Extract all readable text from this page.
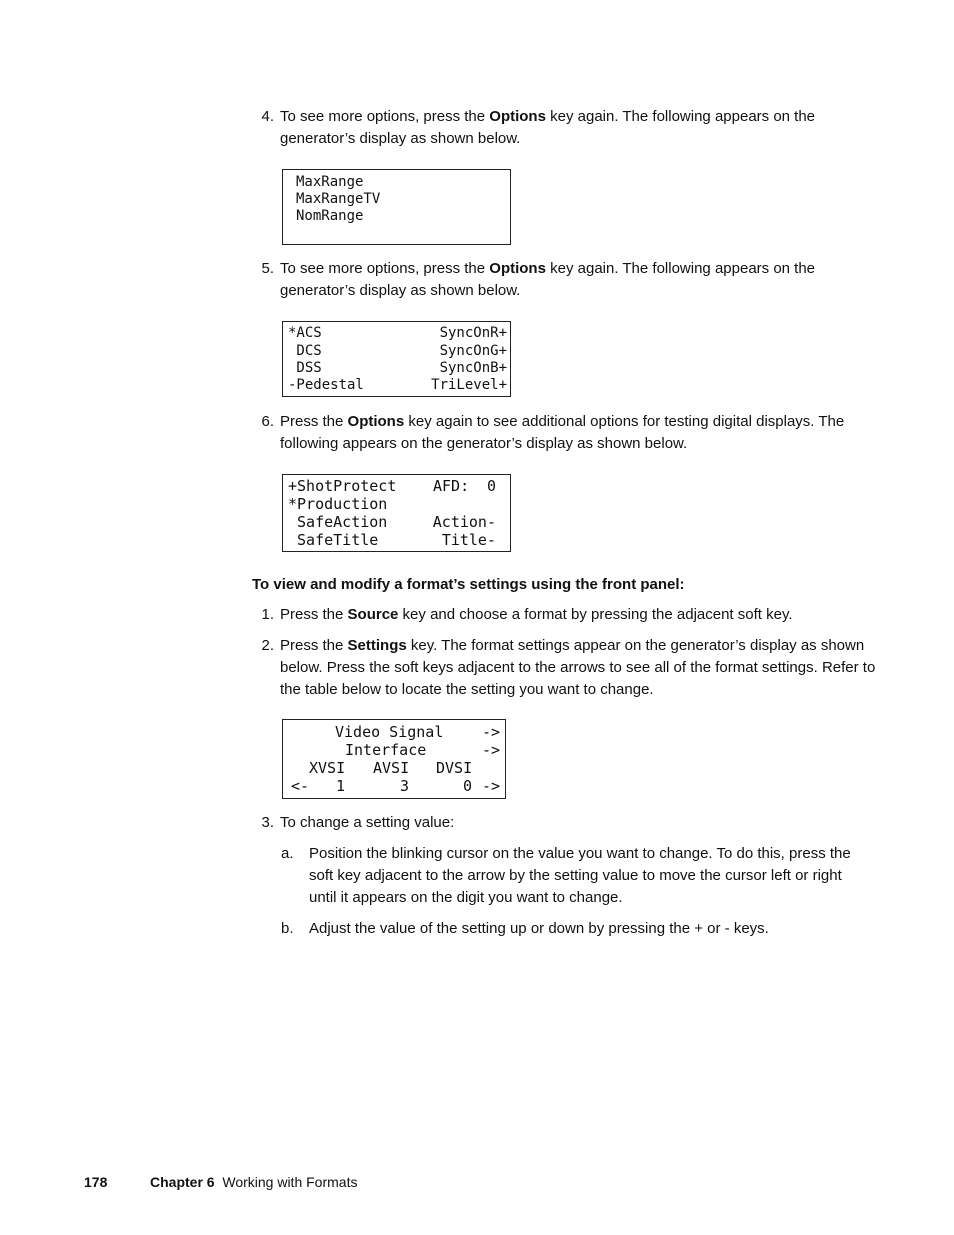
4. To see more options, press the Options key again. The following appears on the generator’s display as shown below.
MaxRange
MaxRangeTV
NomRange
5. To see more options, press the Options key again. The following appears on the generator’s display as shown below.
*ACS	SyncOnR+
DCS	SyncOnG+
DSS	SyncOnB+
-Pedestal	TriLevel+
6. Press the Options key again to see additional options for testing digital displays. The following appears on the generator’s display as shown below.
+ShotProtect AFD: 0
*Production
SafeAction	Action-
SafeTitle	Title-
To view and modify a format’s settings using the front panel:
1. Press the Source key and choose a format by pressing the adjacent soft key.
2. Press the Settings key. The format settings appear on the generator’s display as shown below. Press the soft keys adjacent to the arrows to see all of the format settings. Refer to the table below to locate the setting you want to change.
Video Signal	->
Interface	->
XVSI AVSI DVSI
<- 1	3	0 ->
3. To change a setting value:
a.	Position the blinking cursor on the value you want to change. To do this, press the soft key adjacent to the arrow by the setting value to move the cursor left or right until it appears on the digit you want to change.
b.	Adjust the value of the setting up or down by pressing the + or - keys.
178	Chapter 6 Working with Formats
